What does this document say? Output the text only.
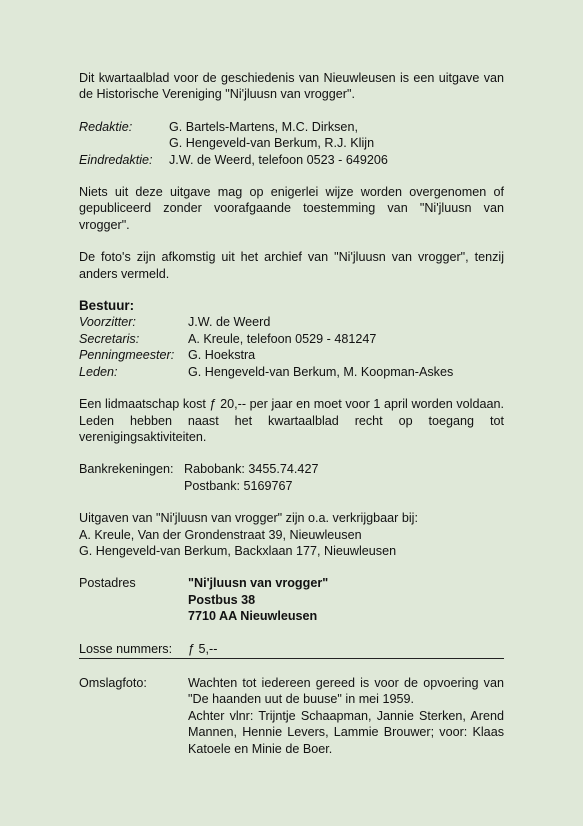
Dit kwartaalblad voor de geschiedenis van Nieuwleusen is een uitgave van de Historische Vereniging "Ni'jluusn van vrogger".

Redaktie:	G. Bartels-Martens, M.C. Dirksen,
G. Hengeveld-van Berkum, R.J. Klijn
Eindredaktie:	J.W. de Weerd, telefoon 0523 - 649206

Niets uit deze uitgave mag op enigerlei wijze worden overgenomen of gepubliceerd zonder voorafgaande toestemming van "Ni'jluusn van vrogger".

De foto's zijn afkomstig uit het archief van "Ni'jluusn van vrogger", tenzij anders vermeld.

Bestuur:
Voorzitter:	J.W. de Weerd
Secretaris:	A. Kreule, telefoon 0529 - 481247
Penningmeester:	G. Hoekstra
Leden:	G. Hengeveld-van Berkum, M. Koopman-Askes

Een lidmaatschap kost ƒ 20,-- per jaar en moet voor 1 april worden voldaan. Leden hebben naast het kwartaalblad recht op toegang tot verenigingsaktiviteiten.

Bankrekeningen: Rabobank: 3455.74.427
Postbank: 5169767
Uitgaven van "Ni'jluusn van vrogger" zijn o.a. verkrijgbaar bij:
A. Kreule, Van der Grondenstraat 39, Nieuwleusen
G. Hengeveld-van Berkum, Backxlaan 177, Nieuwleusen
Postadres	"Ni'jluusn van vrogger"
Postbus 38
7710 AA Nieuwleusen
Losse nummers:	ƒ 5,--
Omslagfoto:	Wachten tot iedereen gereed is voor de opvoering van "De haanden uut de buuse" in mei 1959.

Achter vlnr: Trijntje Schaapman, Jannie Sterken, Arend Mannen, Hennie Levers, Lammie Brouwer; voor: Klaas Katoele en Minie de Boer.
